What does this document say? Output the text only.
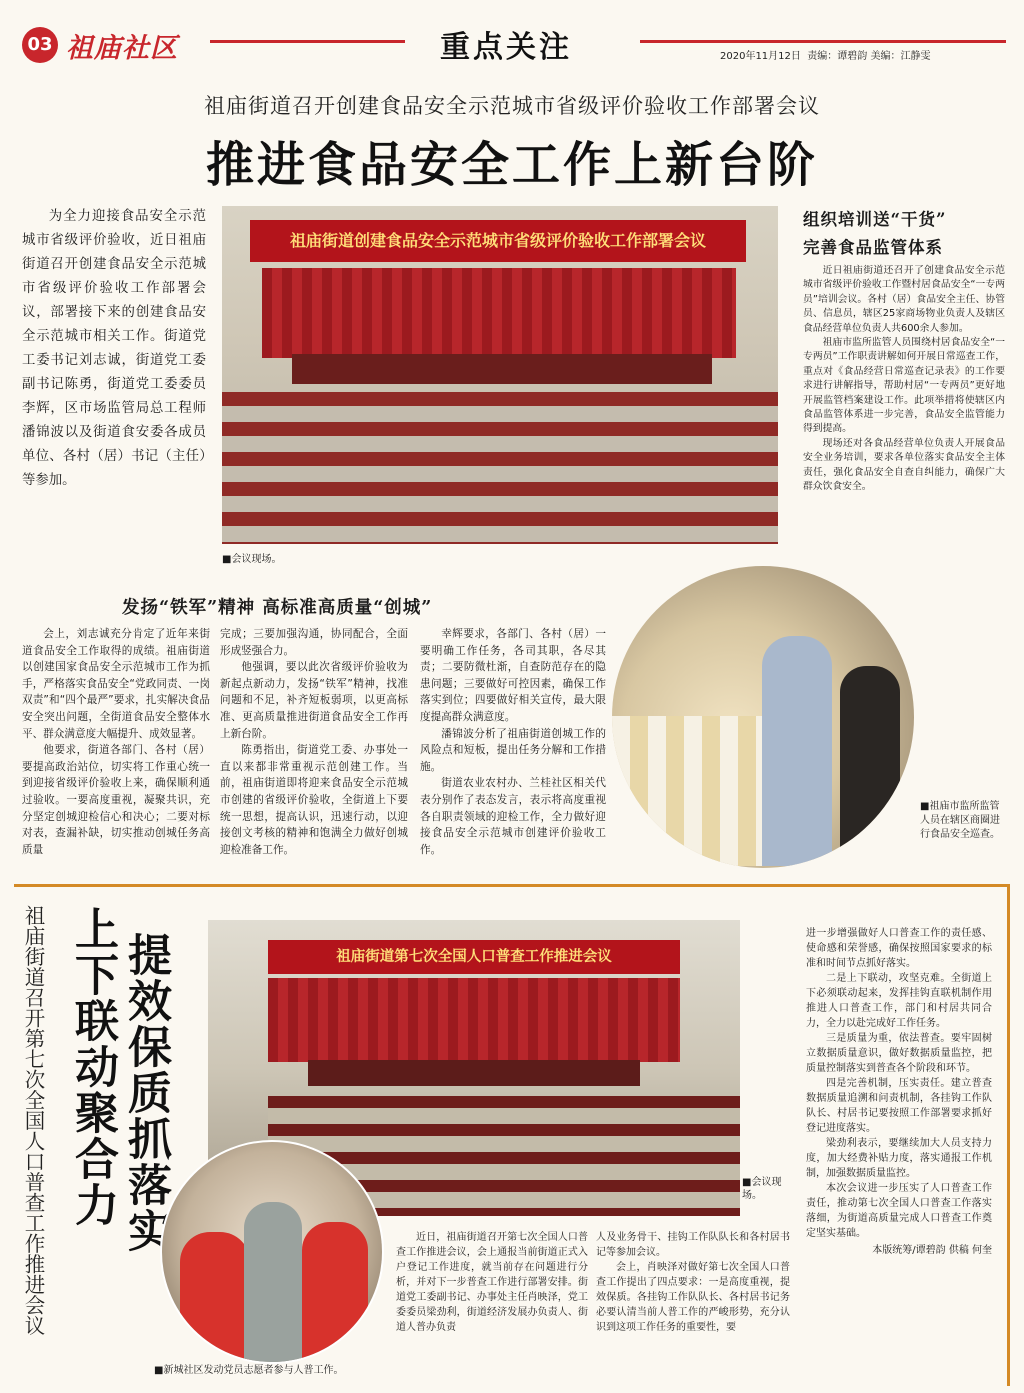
03 祖庙社区	重点关注	2020年11月12日 责编：谭碧韵 美编：江静雯
祖庙街道召开创建食品安全示范城市省级评价验收工作部署会议
推进食品安全工作上新台阶

为全力迎接食品安全示范城市省级评价验收，近日祖庙街道召开创建食品安全示范城市省级评价验收工作部署会议，部署接下来的创建食品安全示范城市相关工作。街道党工委书记刘志诚，街道党工委副书记陈勇，街道党工委委员李辉，区市场监管局总工程师潘锦波以及街道食安委各成员单位、各村（居）书记（主任）等参加。

祖庙街道创建食品安全示范城市省级评价验收工作部署会议
■会议现场。
组织培训送“干货”
完善食品监管体系

近日祖庙街道还召开了创建食品安全示范城市省级评价验收工作暨村居食品安全“一专两员”培训会议。各村（居）食品安全主任、协管员、信息员，辖区25家商场物业负责人及辖区食品经营单位负责人共600余人参加。

祖庙市监所监管人员围绕村居食品安全“一专两员”工作职责讲解如何开展日常巡查工作，重点对《食品经营日常巡查记录表》的工作要求进行讲解指导，帮助村居“一专两员”更好地开展监管档案建设工作。此项举措将使辖区内食品监管体系进一步完善，食品安全监管能力得到提高。

现场还对各食品经营单位负责人开展食品安全业务培训，要求各单位落实食品安全主体责任，强化食品安全自查自纠能力，确保广大群众饮食安全。

发扬“铁军”精神 高标准高质量“创城”

会上，刘志诚充分肯定了近年来街道食品安全工作取得的成绩。祖庙街道以创建国家食品安全示范城市工作为抓手，严格落实食品安全“党政同责、一岗双责”和“四个最严”要求，扎实解决食品安全突出问题，全街道食品安全整体水平、群众满意度大幅提升、成效显著。

他要求，街道各部门、各村（居）要提高政治站位，切实将工作重心统一到迎接省级评价验收上来，确保顺利通过验收。一要高度重视，凝聚共识，充分坚定创城迎检信心和决心；二要对标对表，查漏补缺，切实推动创城任务高质量

完成；三要加强沟通，协同配合，全面形成竖强合力。

他强调，要以此次省级评价验收为新起点新动力，发扬“铁军”精神，找准问题和不足，补齐短板弱项，以更高标准、更高质量推进街道食品安全工作再上新台阶。

陈勇指出，街道党工委、办事处一直以来都非常重视示范创建工作。当前，祖庙街道即将迎来食品安全示范城市创建的省级评价验收，全街道上下要统一思想，提高认识，迅速行动，以迎接创文考核的精神和饱满全力做好创城迎检准备工作。

幸辉要求，各部门、各村（居）一要明确工作任务，各司其职，各尽其责；二要防微杜渐，自查防范存在的隐患问题；三要做好可控因素，确保工作落实到位；四要做好相关宣传，最大限度提高群众满意度。

潘锦波分析了祖庙街道创城工作的风险点和短板，提出任务分解和工作措施。

街道农业农村办、兰桂社区相关代表分别作了表态发言，表示将高度重视各自职责领域的迎检工作，全力做好迎接食品安全示范城市创建评价验收工作。

■祖庙市监所监管人员在辖区商圈进行食品安全巡查。
祖庙街道召开第七次全国人口普查工作推进会议 上下联动聚合力 提效保质抓落实	祖庙街道第七次全国人口普查工作推进会议
■会议现场。
■新城社区发动党员志愿者参与人普工作。
进一步增强做好人口普查工作的责任感、使命感和荣誉感，确保按照国家要求的标准和时间节点抓好落实。

二是上下联动，攻坚克难。全街道上下必须联动起来，发挥挂钩直联机制作用推进人口普查工作，部门和村居共同合力，全力以赴完成好工作任务。

三是质量为重，依法普查。要牢固树立数据质量意识，做好数据质量监控，把质量控制落实到普查各个阶段和环节。

四是完善机制，压实责任。建立普查数据质量追溯和问责机制，各挂钩工作队队长、村居书记要按照工作部署要求抓好登记进度落实。

梁劲利表示，要继续加大人员支持力度，加大经费补贴力度，落实通报工作机制，加强数据质量监控。

本次会议进一步压实了人口普查工作责任，推动第七次全国人口普查工作落实落细，为街道高质量完成人口普查工作奠定坚实基础。

本版统筹/谭碧韵 供稿 何奎

近日，祖庙街道召开第七次全国人口普查工作推进会议，会上通报当前街道正式入户登记工作进度，就当前存在问题进行分析，并对下一步普查工作进行部署安排。街道党工委副书记、办事处主任肖映泽，党工委委员梁劲利，街道经济发展办负责人、街道人普办负责

人及业务骨干、挂钩工作队队长和各村居书记等参加会议。

会上，肖映泽对做好第七次全国人口普查工作提出了四点要求：一是高度重视，提效保质。各挂钩工作队队长、各村居书记务必要认清当前人普工作的严峻形势，充分认识到这项工作任务的重要性，要
